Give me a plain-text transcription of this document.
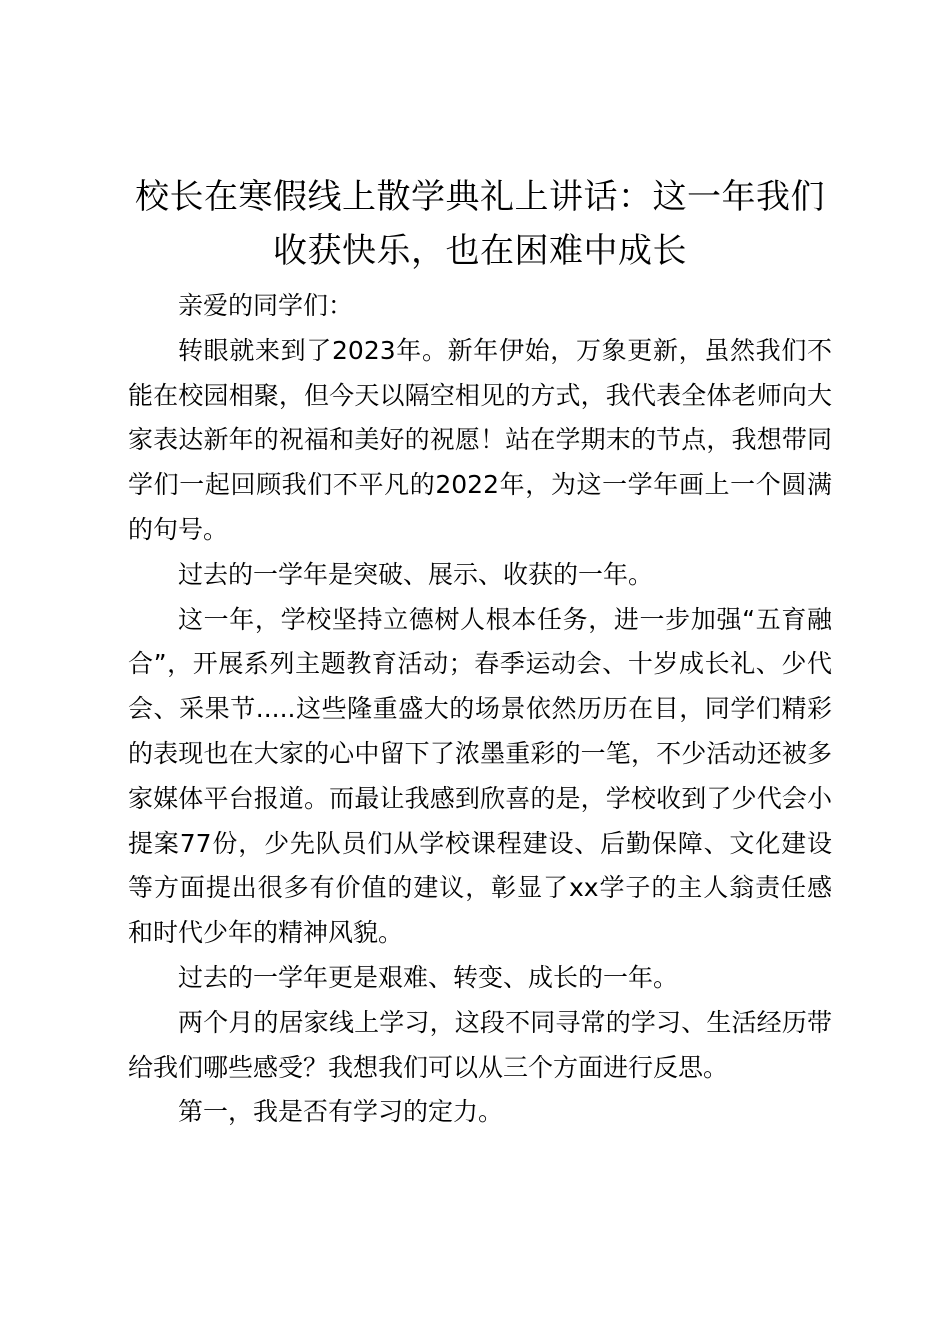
校长在寒假线上散学典礼上讲话：这一年我们收获快乐，也在困难中成长

亲爱的同学们：

转眼就来到了2023年。新年伊始，万象更新，虽然我们不能在校园相聚，但今天以隔空相见的方式，我代表全体老师向大家表达新年的祝福和美好的祝愿！站在学期末的节点，我想带同学们一起回顾我们不平凡的2022年，为这一学年画上一个圆满的句号。

过去的一学年是突破、展示、收获的一年。

这一年，学校坚持立德树人根本任务，进一步加强“五育融合”，开展系列主题教育活动；春季运动会、十岁成长礼、少代会、采果节.....这些隆重盛大的场景依然历历在目，同学们精彩的表现也在大家的心中留下了浓墨重彩的一笔，不少活动还被多家媒体平台报道。而最让我感到欣喜的是，学校收到了少代会小提案77份，少先队员们从学校课程建设、后勤保障、文化建设等方面提出很多有价值的建议，彰显了xx学子的主人翁责任感和时代少年的精神风貌。

过去的一学年更是艰难、转变、成长的一年。

两个月的居家线上学习，这段不同寻常的学习、生活经历带给我们哪些感受？我想我们可以从三个方面进行反思。

第一，我是否有学习的定力。
